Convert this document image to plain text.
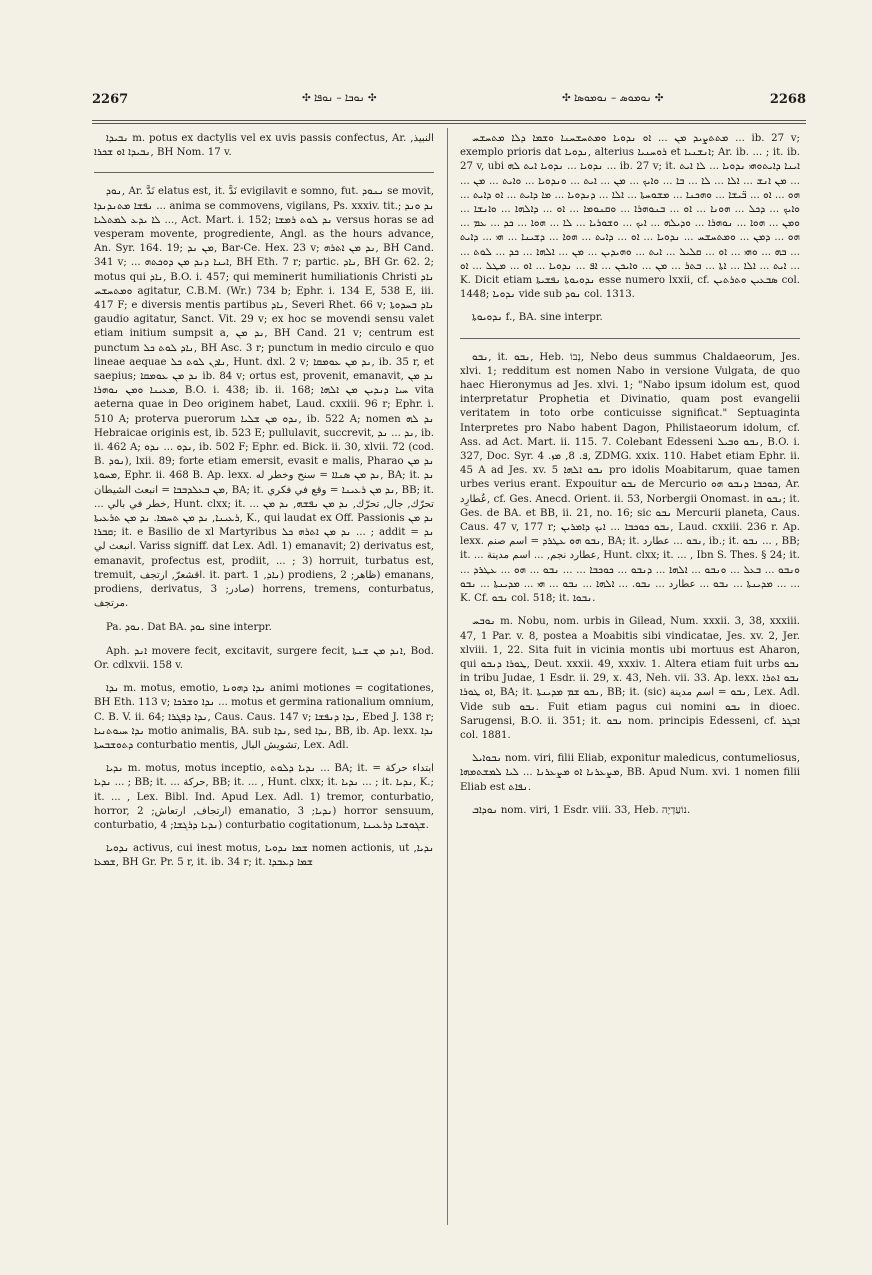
2267	✣ ܢܘܒܐ – ܢܘܦܐ ✣	✣ ܢܘܡܘܣ – ܢܘܡܘܣܐ ✣	2268

ܢܒܝܕܐ m. potus ex dactylis vel ex uvis passis confectus, Ar. النبيذ, ܢܒܝܕܐ ܐܘ ܫܟܪܐ, BH Nom. 17 v.

ܢܘܕ, Ar. نَدَّ elatus est, it. نَدَّ evigilavit e somno, fut. ܢܢܘܕ se movit, ܢܦܫܐ ܡܬܢܕܢܕܐ ... anima se commovens, vigilans, Ps. xxxiv. tit.; ܢܕ ܘܢܕ ... ܠܐ ܝܕܥ ܠܡܬܠܝܐ, Act. Mart. i. 152; ܢܕ ܠܘܬ ܪܡܫܐ versus horas se ad vesperam movente, progrediente, Angl. as the hours advance, An. Syr. 164. 19; ܡܢ ܢܕ, Bar-Ce. Hex. 23 v; ܢܕ ܡܢ ܐܬܪܗ, BH Cand. 341 v; ... ܐܝܢܐ ܕܢܕ ܡܢ ܕܘܟܬܗ, BH Eth. 7 r; partic. ܢܐܕ, BH Gr. 62. 2; motus qui ܢܐܕ, B.O. i. 457; qui meminerit humiliationis Christi ܢܐܕ ܘܡܬܚܫܚ agitatur, C.B.M. (Wr.) 734 b; Ephr. i. 134 E, 538 E, iii. 417 F; e diversis mentis partibus ܢܐܕ, Severi Rhet. 66 v; ܢܐܕ ܒܚܕܘܬܐ gaudio agitatur, Sanct. Vit. 29 v; ex hoc se movendi sensu valet etiam initium sumpsit a, ܢܕ ܡܢ, BH Cand. 21 v; centrum est punctum ܢܐܕ ܠܘܬ ܟܠ, BH Asc. 3 r; punctum in medio circulo e quo lineae aequae ܢܐܕܢ ܠܘܬ ܟܠ, Hunt. dxl. 2 v; ܢܕ ܡܢ ܥܘܡܩܐ, ib. 35 r, et saepius; ܢܕ ܡܢ ܥܘܡܩܐ ib. 84 v; ortus est, provenit, emanavit, ܢܕ ܡܢ ܡܥܝܢܐ ܘܡܢ ܢܘܗܪܐ, B.O. i. 438; ib. ii. 168; ܚܝܐ ܕܢܕܝܢ ܡܢ ܐܠܗܐ vita aeterna quae in Deo originem habet, Laud. cxxiii. 96 r; Ephr. i. 510 A; proterva puerorum ܢܕܘ ܡܢ ܫܠܝܐ, ib. 522 A; nomen ܢܕ ܠܗ Hebraicae originis est, ib. 523 E; pullulavit, succrevit, ܢܕ ... ܢܕ, ib. ii. 462 A; ܢܕܘ ... ܢܕܘ, ib. 502 F; Ephr. ed. Bick. ii. 30, xlvii. 72 (cod. B. ܢܘܕ), lxii. 89; forte etiam emersit, evasit e malis, Pharao ܢܕ ܡܢ ܡܚܘܬܐ, Ephr. ii. 468 B. Ap. lexx. ܢܕ ܡܢ ܣܢܐܐ = سنح وخطر له, BA; it. ܢܕ ܡܢ ܒܥܠܕܒܒܐ = انبعث الشيطان, BA; it. ܢܕ ܡܢ ܪܥܝܢܐ = وقع في فكري, BB; it. ... خطر في بالي, Hunt. clxx; it. ... تحرّك, جال, تحرّك, ܢܕ ܡܢ ܢܦܫܗ, ܢܕ ܡܢ ܪܥܝܢܐ, ܢܕ ܡܢ ܬܚܡܐ. ܢܕ ܡܢ ܬܪܥܝܬܐ, K., qui laudat ex Off. Passionis ܢܕ ܡܢ ܩܒܪܐ; it. e Basilio de xl Martyribus ܢܕ ܡܢ ܐܬܪܗ ܟܠ ... ; addit ܢܕ = انبعث لي. Variss signiff. dat Lex. Adl. 1) emanavit; 2) derivatus est, emanavit, profectus est, prodiit, ... ; 3) horruit, turbatus est, tremuit, اقشعرّ, ارتجف. it. part. ܢܐܕ, 1) prodiens, ظاهر; 2) emanans, prodiens, derivatus, صادر; 3) horrens, tremens, conturbatus, مرتجف.

Pa. ܢܘܕ. Dat BA. ܢܘܕ sine interpr.

Aph. ܐܢܕ movere fecit, excitavit, surgere fecit, ܐܢܕ ܡܢ ܫܢܬܐ, Bod. Or. cdlxvii. 158 v.

ܢܕܐ m. motus, emotio, ܢܕܐ ܕܗܘܢܐ animi motiones = cogitationes, BH Eth. 113 v; ܢܕܐ ܘܫܪܟܐ ... motus et germina rationalium omnium, C. B. V. ii. 64; ܢܕܐ ܕܦܓܪܐ, Caus. Caus. 147 v; ܢܕܐ ܕܢܦܫܐ, Ebed J. 138 r; ܢܕܐ ܚܝܘܬܢܝܐ motio animalis, BA. sub ܢܕܐ, sed ܢܕܐ, BB, ib. Ap. lexx. ܢܕܐ ܕܬܘܫܒܚܬܐ conturbatio mentis, تشويش البال, Lex. Adl.

ܢܕܝܐ m. motus, motus inceptio, ܢܕܝܐ ܕܠܘܬ ... BA; it. ابتداء حركة = ܢܕܝܐ ... ; BB; it. ... حركة, BB; it. ... , Hunt. clxx; it. ܢܕܝܐ ... ; it. ܢܕܝܐ, K.; it. ... , Lex. Bibl. Ind. Apud Lex. Adl. 1) tremor, conturbatio, horror, ارتجاف, ارتعاش; 2) emanatio, ܢܕܝܐ; 3) horror sensuum, conturbatio, ܢܕܝܐ ܕܪܓܫܐ; 4) conturbatio cogitationum, ܫܓܘܫܝܐ ܕܪܥܝܢܐ.

ܢܕܘܝܐ activus, cui inest motus, ܫܡܐ ܢܕܘܝܐ nomen actionis, ut ܢܕܝܐ, ܫܡܥܐ, BH Gr. Pr. 5 r, it. ib. 34 r; it. ܫܡܐ ܕܥܒܕܐ

ܡܬܬܨܝܕ ܡܢ ... ܐܘ ܢܕܘܝܐ ܘܡܬܚܫܚܢܐ ܘܫܡܐ ܕܠܐ ܡܬܚܫܚ ... ib. 27 v; exemplo prioris dat ܢܕܘܝܐ, alterius ܪܘܚܢܝܐ et ܐܢܫܢܝܐ; Ar. ib. ... ; it. ib. 27 v, ubi ܢܕܘܝܐ ... ܢܕܘܝܐ ܐܝܬ ܠܗ ... ib. 27 v; it. ܐܝܢܐ ܕܐܝܬܘܗܝ ܢܕܘܝܐ ... ܠܐ ܐܝܬ ... ܡܢ ܐܢܫ ... ܐܠܐ ... ܠܐ ... ܒܐ ... ܘܐܝܟ ... ܡܢ ... ܐܝܬ ... ܘܢܕܘܝܐ ... ܘܐܝܬ ... ܡܢ ... ܗܘ ... ܐܘ ... ܒ̈ܝܫܐ ... ܘܗܟܢܐ ... ܡܫܘܚܬܐ ... ܐܠܐ ... ܕܢܕܘܝܐ ... ܡܐ ܕܐܝܬ ... ܐܘ ܕܐܝܬ ... ܘܐܝܟ ... ܕܟܠ ... ܗܘܢܐ ... ܐܘ ... ܒܢܘܗܪܐ ... ܘܩܢܘܡܐ ... ܐܘ ... ܕܐܠܗܐ ... ܘܐܢܫܐ ... ܘܡܢ ... ܗܘܐ ... ܢܘܗܪܐ ... ܘܕܝܠܗ ... ܐܝܟ ... ܘܫܘܪܝܐ ... ܠܐ ... ܗܘܐ ... ܟܕ ... ܥܡ ... ܗܘ ... ܕܡܢ ... ܘܡܬܚܫܚ ... ܢܕܘܝܐ ... ܐܘ ... ܕܐܝܬ ... ܗܘܐ ... ܕܫܝܢܐ ... ܗܝ ... ܕܐܝܬ ... ܒܗ ... ܘܗܝ ... ܐܘ ... ܩܠܝܠ ... ܐܝܬ ... ܘܗܝܕܝܢ ... ܡܢ ... ܐܠܗܐ ... ܟܕ ... ܠܘܬ ... ܐܝܬ ... ܐܠܐ ... ܐܬܐ ... ܒܬܪ ... ܡܢ ... ܘܐܝܟܢ ... ܐܦ ... ܢܕܘܝܐ ... ܐܘ ... ܡܛܠ ... ܐܘ ... K. Dicit etiam ܢܕܘܝܘܬܐ ܢܦܫܝܬܐ esse numero lxxii, cf. ܣܒܥܝܢ ܘܬܪܬܝܢ col. 1448; ܢܕܘܝܐ vide sub ܢܘܕ col. 1313.

ܢܕܘܝܘܬܐ f., BA. sine interpr.

ܢܒܘ, it. ܢܒܘ, Heb. נְבוֹ, Nebo deus summus Chaldaeorum, Jes. xlvi. 1; redditum est nomen Nabo in versione Vulgata, de quo haec Hieronymus ad Jes. xlvi. 1; "Nabo ipsum idolum est, quod interpretatur Prophetia et Divinatio, quam post evangelii veritatem in toto orbe conticuisse significat." Septuaginta Interpretes pro Nabo habent Dagon, Philistaeorum idolum, cf. Ass. ad Act. Mart. ii. 115. 7. Colebant Edesseni ܢܒܘ ܘܒܝܠ, B.O. i. 327, Doc. Syr. ܦ. 8, ܡܙ. 4, ZDMG. xxix. 110. Habet etiam Ephr. ii. 45 A ad Jes. xv. 5 ܢܒܘ ܐܠܗܐ pro idolis Moabitarum, quae tamen urbes verius erant. Expouitur ܢܒܘ de Mercurio ܟܘܟܒܐ ܕܢܒܘ ܗܘ, Ar. عُطارِد, cf. Ges. Anecd. Orient. ii. 53, Norbergii Onomast. in ܢܒܘ; it. Ges. de BA. et BB, ii. 21, no. 16; sic ܢܒܘ Mercurii planeta, Caus. Caus. 47 v, 177 r; ܢܒܘ ܟܘܟܒܐ ... ܐܝܟ ܕܐܡܪܝܢ, Laud. cxxiii. 236 r. Ap. lexx. ܢܒܘ ܗܘ ܥܛܪܕ = اسم صنم, BA; it. ܢܒܘ ... عطارد, ib.; it. ܢܒܘ ... , BB; it. ... عطارد نجم, ... اسم مدينة, Hunt. clxx; it. ... , Ibn S. Thes. § 24; it. ... ܘܢܒܘ ... ܒܥܠ ... ܘܢܒܘ ... ܐܠܗܐ ... ܕܢܒܘ ... ܟܘܟܒܐ ... ... ܢܒܘ ... ܗܘ ... ܥܛܪܕ ... ܡܕܝܢܬܐ ... ܢܒܘ ... عطارد ... ܢܒܘ. ... ܐܠܗܐ ... ܢܒܘ ... ܗܝ ... ܡܕܝܢܬܐ ... ܢܒܘ ... K. Cf. ܢܒܘ col. 518; it. ܢܒܘܐ.

ܢܘܒܚ m. Nobu, nom. urbis in Gilead, Num. xxxii. 3, 38, xxxiii. 47, 1 Par. v. 8, postea a Moabitis sibi vindicatae, Jes. xv. 2, Jer. xlviii. 1, 22. Sita fuit in vicinia montis ubi mortuus est Aharon, qui ܛܘܪܐ ܕܢܒܘ, Deut. xxxii. 49, xxxiv. 1. Altera etiam fuit urbs ܢܒܘ in tribu Judae, 1 Esdr. ii. 29, x. 43, Neh. vii. 33. Ap. lexx. ܢܒܘ ܐܬܪܐ ܐܘ ܛܘܪܐ, BA; it. ܢܒܘ ܫܡ ܡܕܝܢܬܐ, BB; it. (sic) ܢܒܘ = اسم مدينة, Lex. Adl. Vide sub ܢܒܘ. Fuit etiam pagus cui nomini ܢܒܘ in dioec. Sarugensi, B.O. ii. 351; it. ܢܒܘ nom. principis Edesseni, cf. ܐܒܓܪ col. 1881.

ܢܒܘܐܝܠ nom. viri, filii Eliab, exponitur maledicus, contumeliosus, ܡܨܥܪܢܐ ܐܘ ܡܨܥܪܢܐ ... ܠܝܐ ܠܡܫܬܡܗܐ, BB. Apud Num. xvi. 1 nomen filii Eliab est ܢܦܐܬ.

ܢܘܕܐܒ nom. viri, 1 Esdr. viii. 33, Heb. נוֹעַדְיָה.
